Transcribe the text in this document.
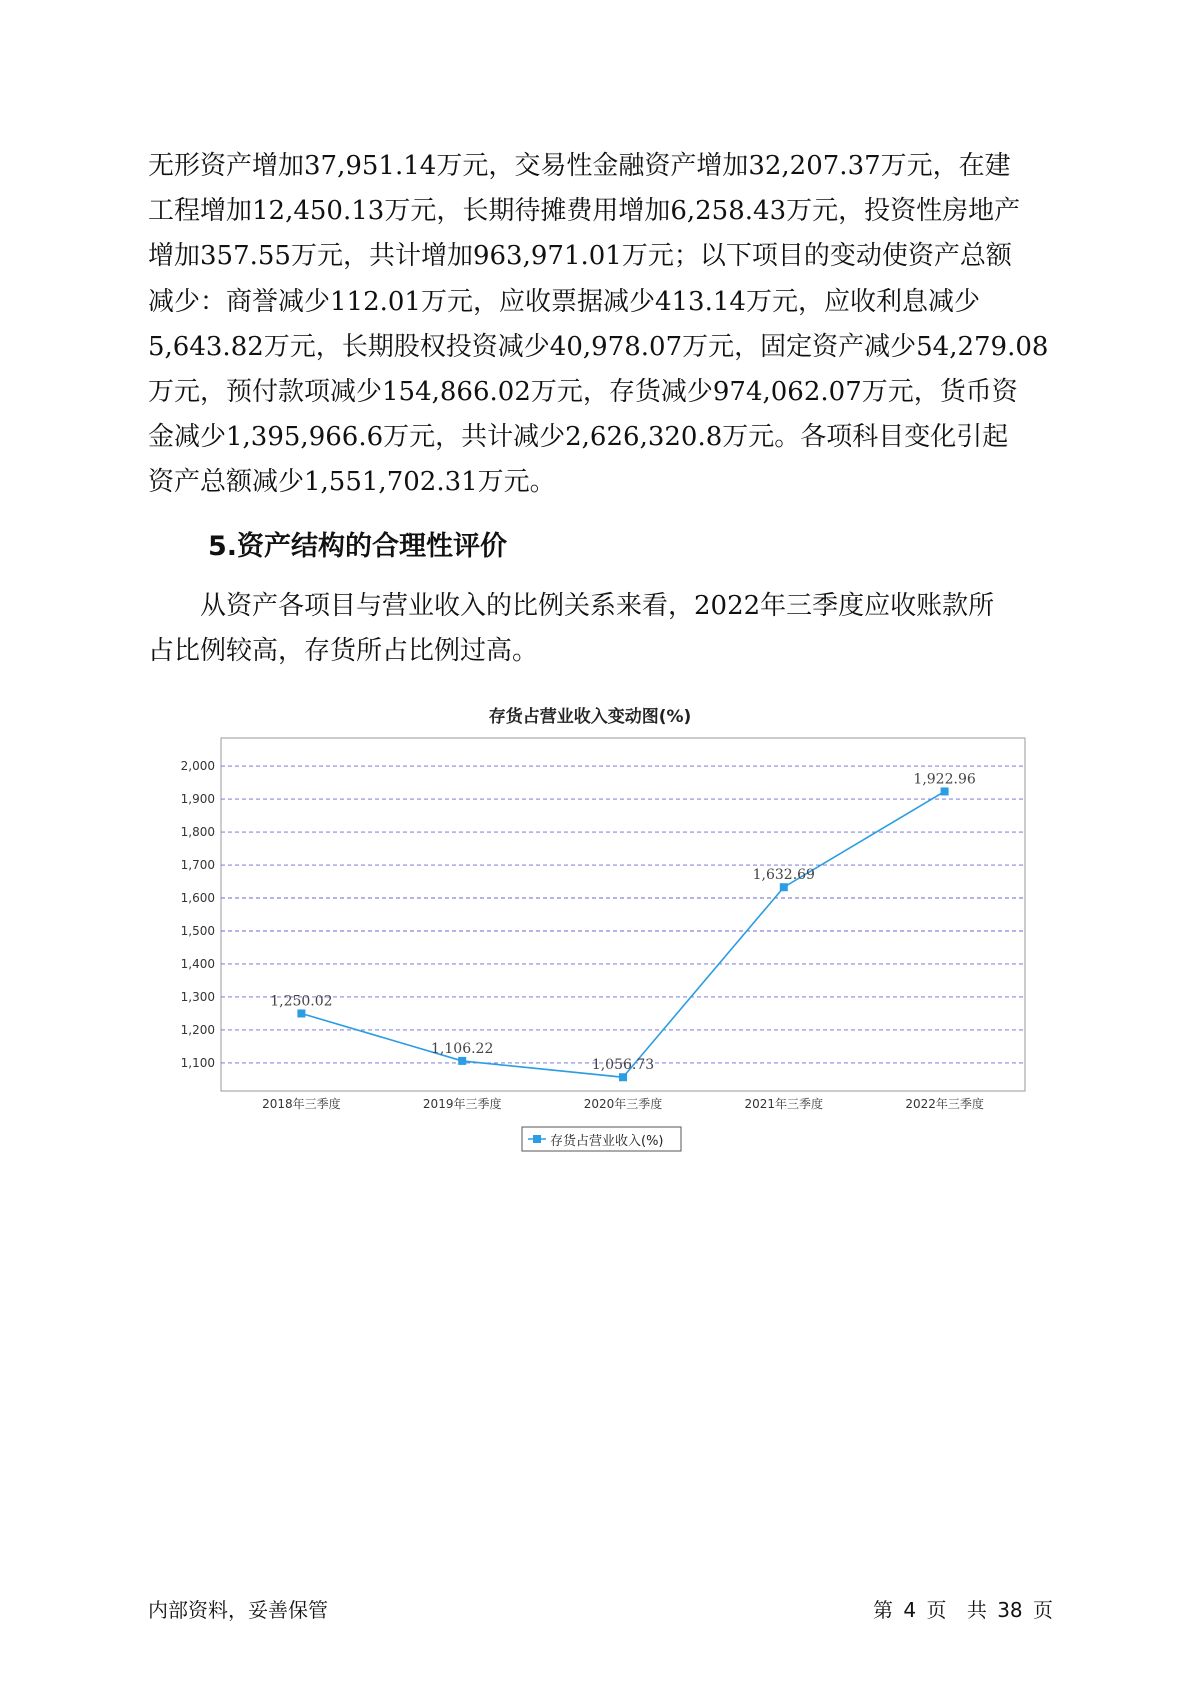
无形资产增加37,951.14万元，交易性金融资产增加32,207.37万元，在建
工程增加12,450.13万元，长期待摊费用增加6,258.43万元，投资性房地产
增加357.55万元，共计增加963,971.01万元；以下项目的变动使资产总额
减少：商誉减少112.01万元，应收票据减少413.14万元，应收利息减少
5,643.82万元，长期股权投资减少40,978.07万元，固定资产减少54,279.08
万元，预付款项减少154,866.02万元，存货减少974,062.07万元，货币资
金减少1,395,966.6万元，共计减少2,626,320.8万元。各项科目变化引起
资产总额减少1,551,702.31万元。
5.资产结构的合理性评价
从资产各项目与营业收入的比例关系来看，2022年三季度应收账款所
占比例较高，存货所占比例过高。
存货占营业收入变动图(%)
1,100
1,200
1,300
1,400
1,500
1,600
1,700
1,800
1,900
2,000
2018年三季度	2019年三季度	2020年三季度	2021年三季度	2022年三季度
1,250.02
1,106.22
1,056.73
1,632.69
1,922.96
存货占营业收入(%)
内部资料，妥善保管	第 4 页 共 38 页
